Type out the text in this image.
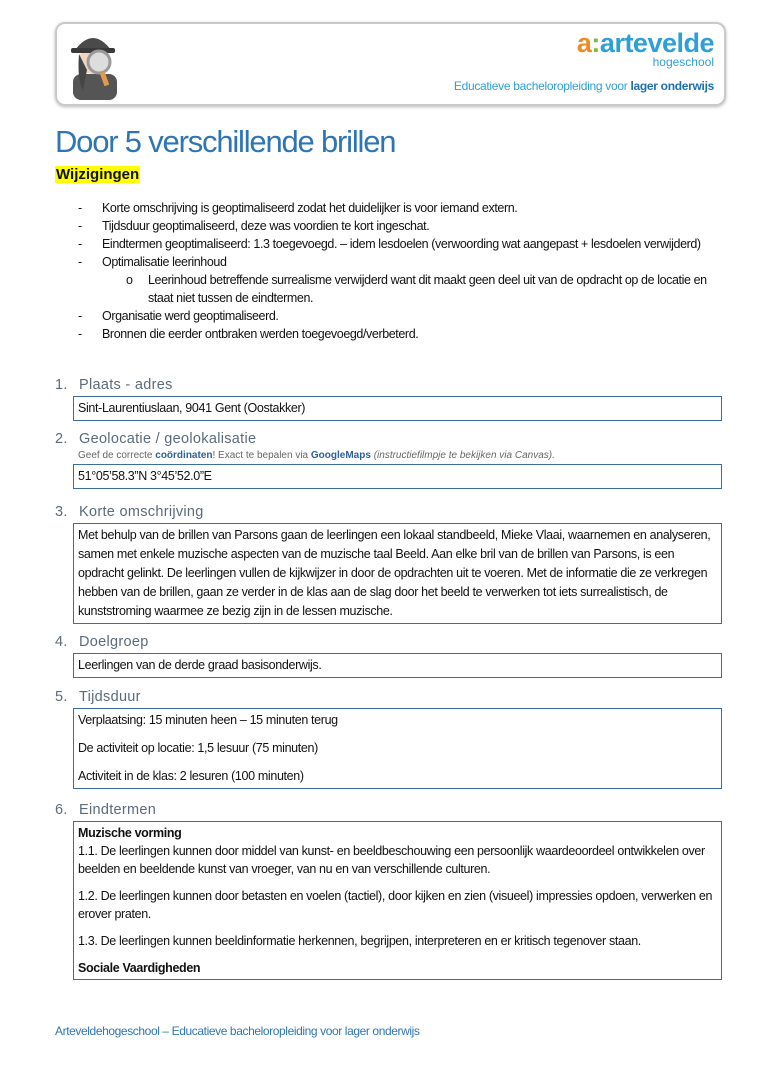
a:artevelde
hogeschool
Educatieve bacheloropleiding voor lager onderwijs
Door 5 verschillende brillen
Wijzigingen
-	Korte omschrijving is geoptimaliseerd zodat het duidelijker is voor iemand extern.
-	Tijdsduur geoptimaliseerd, deze was voordien te kort ingeschat.
-	Eindtermen geoptimaliseerd: 1.3 toegevoegd. – idem lesdoelen (verwoording wat aangepast + lesdoelen verwijderd)
-	Optimalisatie leerinhoud
o	Leerinhoud betreffende surrealisme verwijderd want dit maakt geen deel uit van de opdracht op de locatie en staat niet tussen de eindtermen.
-	Organisatie werd geoptimaliseerd.
-	Bronnen die eerder ontbraken werden toegevoegd/verbeterd.
1. Plaats - adres

Sint-Laurentiuslaan, 9041 Gent (Oostakker)

2. Geolocatie / geolokalisatie
Geef de correcte coördinaten! Exact te bepalen via GoogleMaps (instructiefilmpje te bekijken via Canvas).

51°05’58.3”N 3°45’52.0”E

3. Korte omschrijving

Met behulp van de brillen van Parsons gaan de leerlingen een lokaal standbeeld, Mieke Vlaai, waarnemen en analyseren, samen met enkele muzische aspecten van de muzische taal Beeld. Aan elke bril van de brillen van Parsons, is een opdracht gelinkt. De leerlingen vullen de kijkwijzer in door de opdrachten uit te voeren. Met de informatie die ze verkregen hebben van de brillen, gaan ze verder in de klas aan de slag door het beeld te verwerken tot iets surrealistisch, de kunststroming waarmee ze bezig zijn in de lessen muzische.

4. Doelgroep

Leerlingen van de derde graad basisonderwijs.

5. Tijdsduur

Verplaatsing: 15 minuten heen – 15 minuten terug

De activiteit op locatie: 1,5 lesuur (75 minuten)

Activiteit in de klas: 2 lesuren (100 minuten)

6. Eindtermen
Muzische vorming

1.1. De leerlingen kunnen door middel van kunst- en beeldbeschouwing een persoonlijk waardeoordeel ontwikkelen over beelden en beeldende kunst van vroeger, van nu en van verschillende culturen.

1.2. De leerlingen kunnen door betasten en voelen (tactiel), door kijken en zien (visueel) impressies opdoen, verwerken en erover praten.

1.3. De leerlingen kunnen beeldinformatie herkennen, begrijpen, interpreteren en er kritisch tegenover staan.

Sociale Vaardigheden

Arteveldehogeschool – Educatieve bacheloropleiding voor lager onderwijs
